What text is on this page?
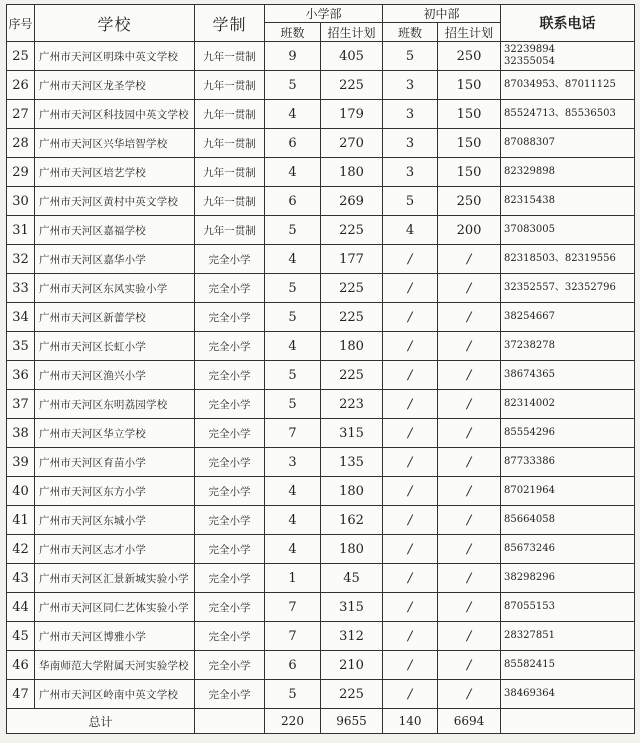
序号	学校	学制	小学部		初中部		联系电话
			班数	招生计划	班数	招生计划	
25	广州市天河区明珠中英文学校	九年一贯制	9	405	5	250	32239894
32355054

26	广州市天河区龙圣学校	九年一贯制	5	225	3	150	87034953、87011125

27	广州市天河区科技园中英文学校	九年一贯制	4	179	3	150	85524713、85536503

28	广州市天河区兴华培智学校	九年一贯制	6	270	3	150	87088307

29	广州市天河区培艺学校	九年一贯制	4	180	3	150	82329898

30	广州市天河区黄村中英文学校	九年一贯制	6	269	5	250	82315438

31	广州市天河区嘉福学校	九年一贯制	5	225	4	200	37083005

32	广州市天河区嘉华小学	完全小学	4	177	/	/	82318503、82319556

33	广州市天河区东风实验小学	完全小学	5	225	/	/	32352557、32352796

34	广州市天河区新蕾学校	完全小学	5	225	/	/	38254667

35	广州市天河区长虹小学	完全小学	4	180	/	/	37238278

36	广州市天河区渔兴小学	完全小学	5	225	/	/	38674365

37	广州市天河区东明荔园学校	完全小学	5	223	/	/	82314002

38	广州市天河区华立学校	完全小学	7	315	/	/	85554296

39	广州市天河区育苗小学	完全小学	3	135	/	/	87733386

40	广州市天河区东方小学	完全小学	4	180	/	/	87021964

41	广州市天河区东城小学	完全小学	4	162	/	/	85664058

42	广州市天河区志才小学	完全小学	4	180	/	/	85673246

43	广州市天河区汇景新城实验小学	完全小学	1	45	/	/	38298296

44	广州市天河区同仁艺体实验小学	完全小学	7	315	/	/	87055153

45	广州市天河区博雅小学	完全小学	7	312	/	/	28327851

46	华南师范大学附属天河实验学校	完全小学	6	210	/	/	85582415

47	广州市天河区岭南中英文学校	完全小学	5	225	/	/	38469364

总计			220	9655	140	6694	
